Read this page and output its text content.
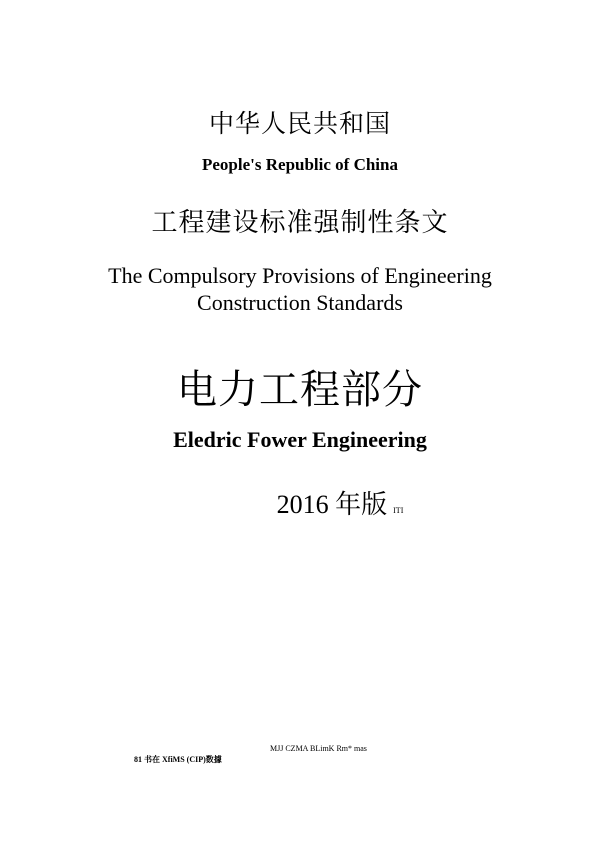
中华人民共和国
People's Republic of China
工程建设标准强制性条文
The Compulsory Provisions of Engineering
Construction Standards
电力工程部分
Eledric Fower Engineering
2016 年版 ITI
MJJ CZMA BLimK Rm* mas
81 书在 XfiMS (CIP)数據
